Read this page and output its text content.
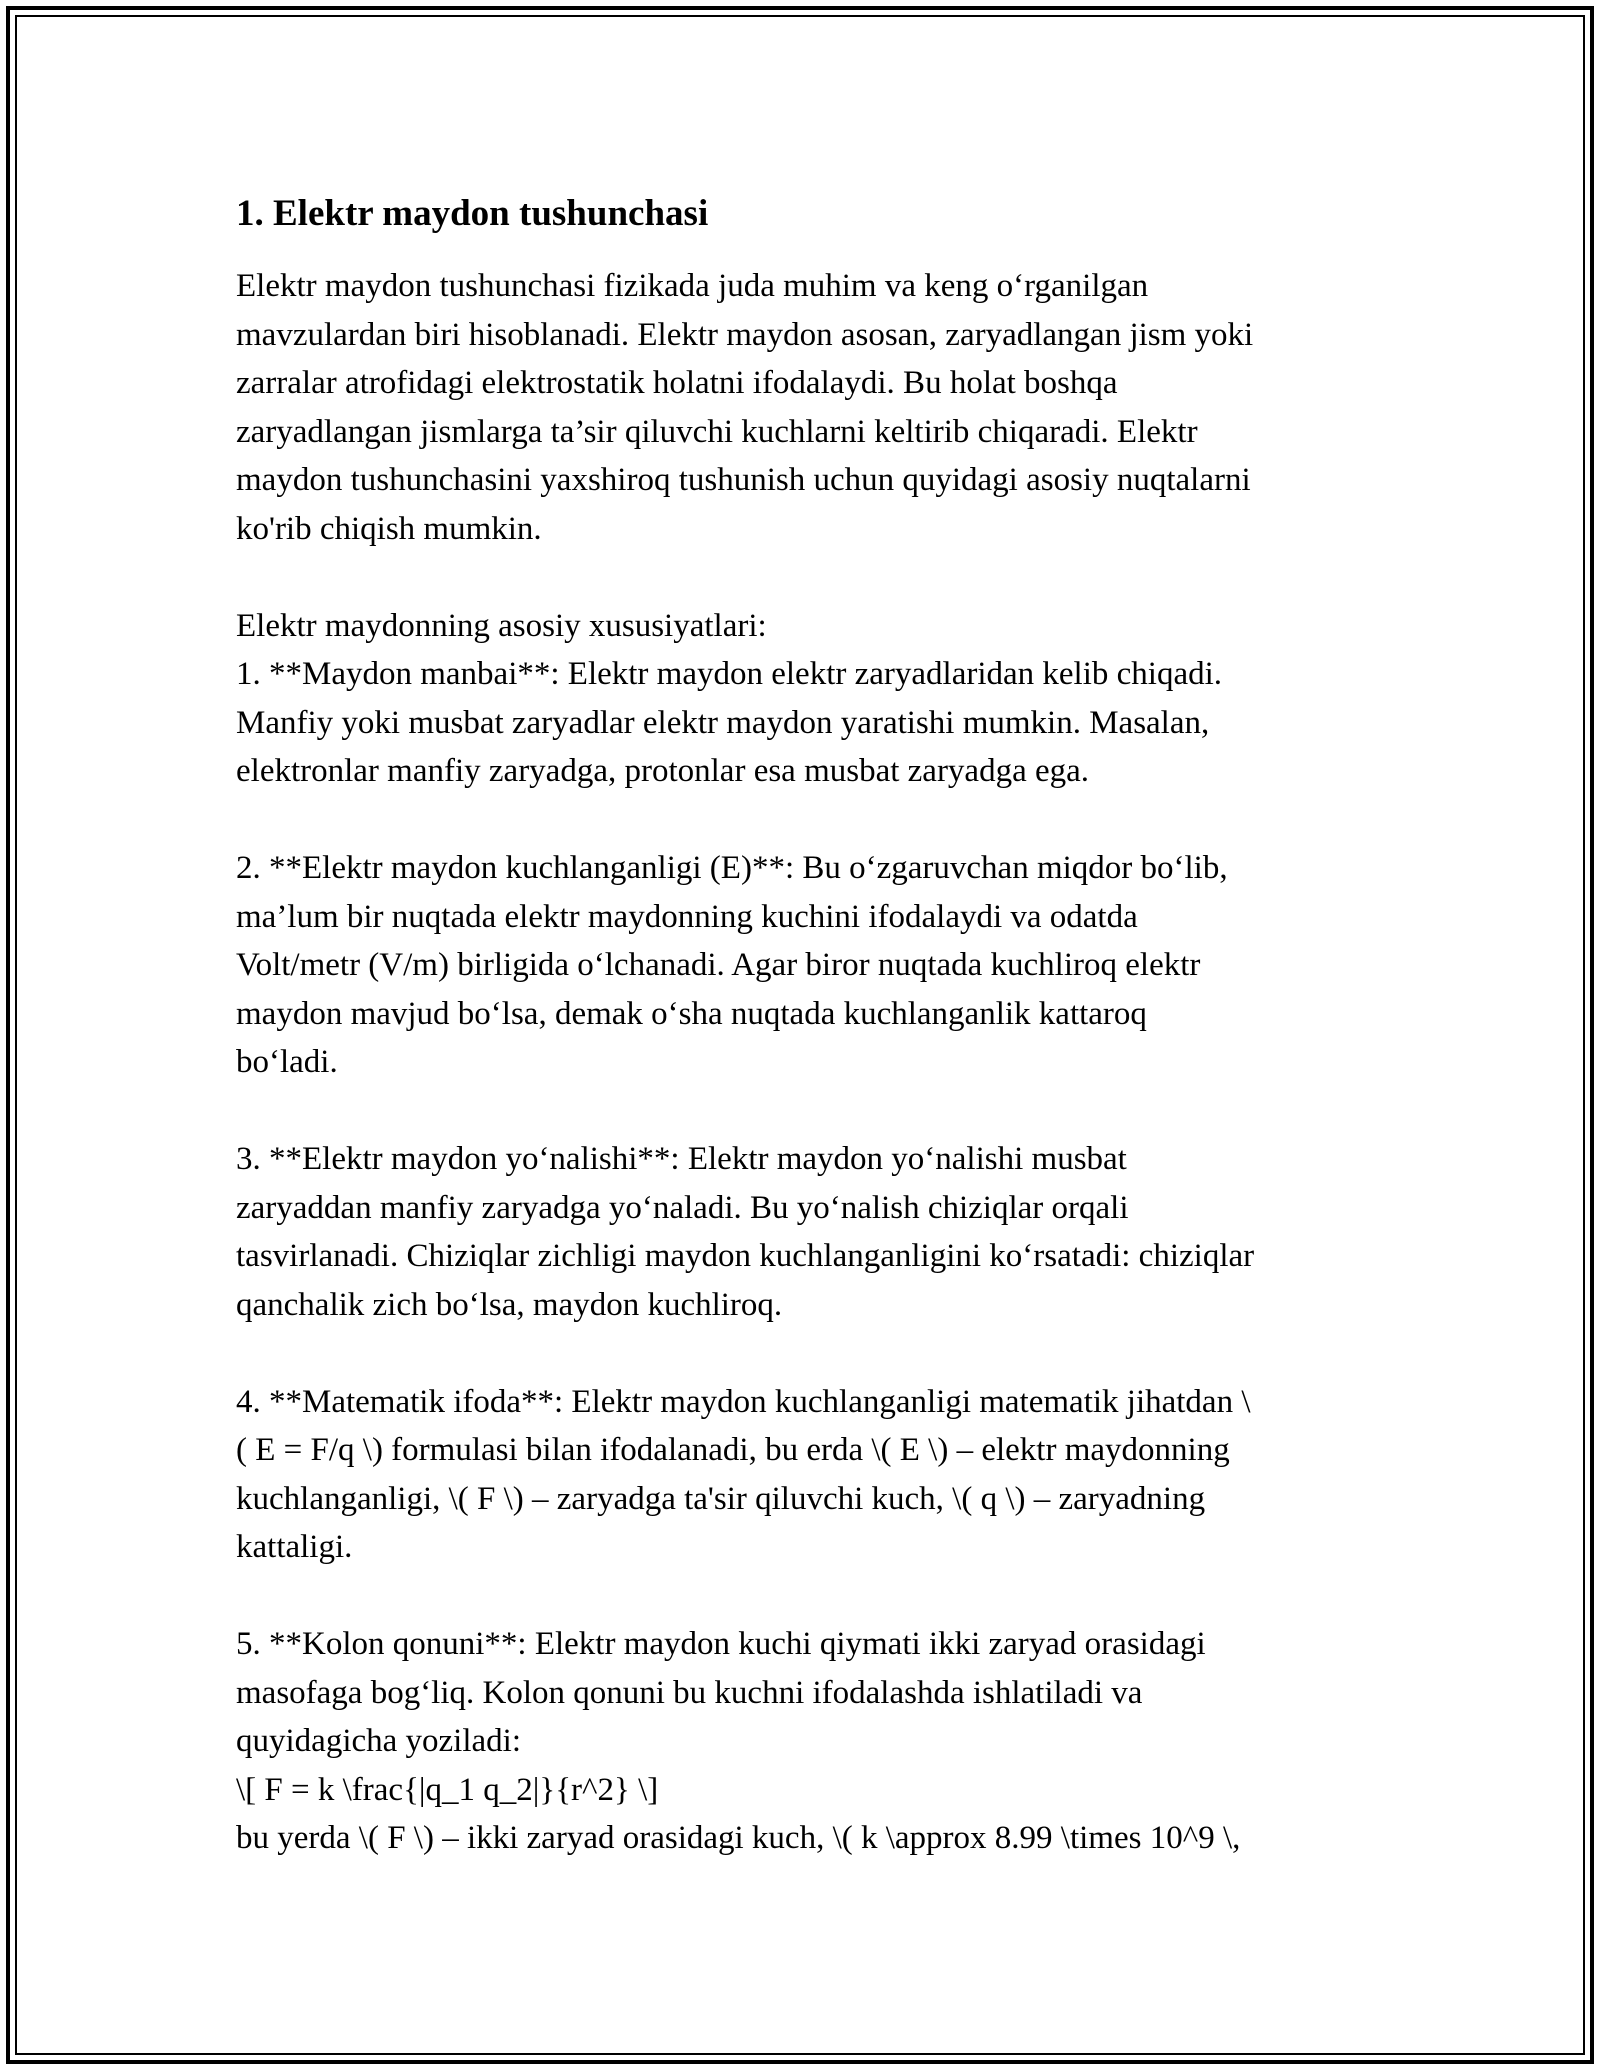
1. Elektr maydon tushunchasi
Elektr maydon tushunchasi fizikada juda muhim va keng o‘rganilgan
mavzulardan biri hisoblanadi. Elektr maydon asosan, zaryadlangan jism yoki
zarralar atrofidagi elektrostatik holatni ifodalaydi. Bu holat boshqa
zaryadlangan jismlarga ta’sir qiluvchi kuchlarni keltirib chiqaradi. Elektr
maydon tushunchasini yaxshiroq tushunish uchun quyidagi asosiy nuqtalarni
ko'rib chiqish mumkin.
Elektr maydonning asosiy xususiyatlari:
1. **Maydon manbai**: Elektr maydon elektr zaryadlaridan kelib chiqadi.
Manfiy yoki musbat zaryadlar elektr maydon yaratishi mumkin. Masalan,
elektronlar manfiy zaryadga, protonlar esa musbat zaryadga ega.
2. **Elektr maydon kuchlanganligi (E)**: Bu o‘zgaruvchan miqdor bo‘lib,
ma’lum bir nuqtada elektr maydonning kuchini ifodalaydi va odatda
Volt/metr (V/m) birligida o‘lchanadi. Agar biror nuqtada kuchliroq elektr
maydon mavjud bo‘lsa, demak o‘sha nuqtada kuchlanganlik kattaroq
bo‘ladi.
3. **Elektr maydon yo‘nalishi**: Elektr maydon yo‘nalishi musbat
zaryaddan manfiy zaryadga yo‘naladi. Bu yo‘nalish chiziqlar orqali
tasvirlanadi. Chiziqlar zichligi maydon kuchlanganligini ko‘rsatadi: chiziqlar
qanchalik zich bo‘lsa, maydon kuchliroq.
4. **Matematik ifoda**: Elektr maydon kuchlanganligi matematik jihatdan \
( E = F/q \) formulasi bilan ifodalanadi, bu erda \( E \) – elektr maydonning
kuchlanganligi, \( F \) – zaryadga ta'sir qiluvchi kuch, \( q \) – zaryadning
kattaligi.
5. **Kolon qonuni**: Elektr maydon kuchi qiymati ikki zaryad orasidagi
masofaga bog‘liq. Kolon qonuni bu kuchni ifodalashda ishlatiladi va
quyidagicha yoziladi:
\[ F = k \frac{|q_1 q_2|}{r^2} \]
bu yerda \( F \) – ikki zaryad orasidagi kuch, \( k \approx 8.99 \times 10^9 \,
